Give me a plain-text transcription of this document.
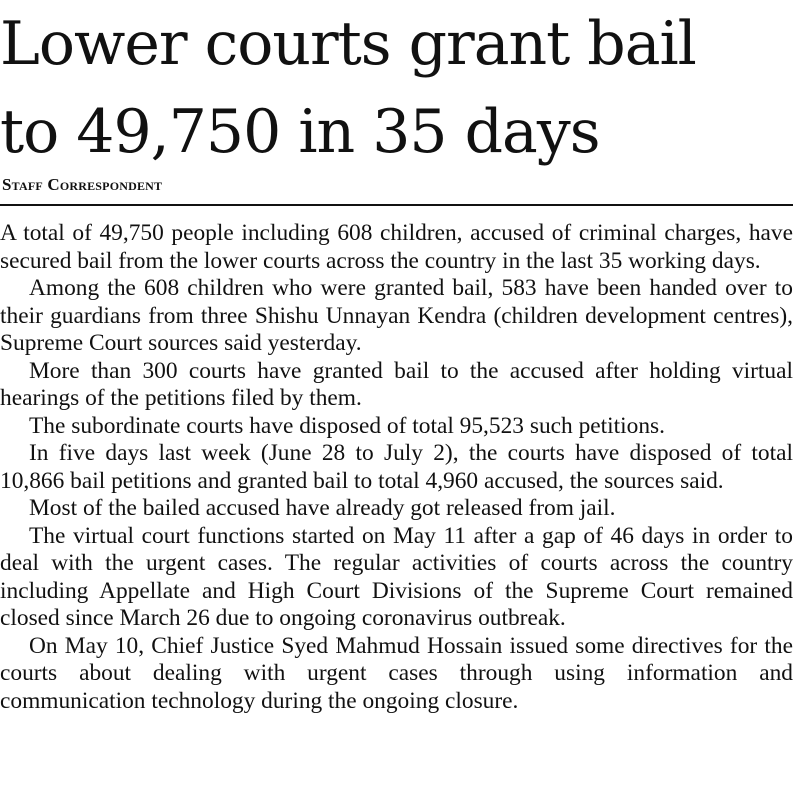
Lower courts grant bail
to 49,750 in 35 days
Staff Correspondent

A total of 49,750 people including 608 children, accused of criminal charges, have secured bail from the lower courts across the country in the last 35 working days.

Among the 608 children who were granted bail, 583 have been handed over to their guardians from three Shishu Unnayan Kendra (children development centres), Supreme Court sources said yesterday.

More than 300 courts have granted bail to the accused after holding virtual hearings of the petitions filed by them.

The subordinate courts have disposed of total 95,523 such petitions.

In five days last week (June 28 to July 2), the courts have disposed of total 10,866 bail petitions and granted bail to total 4,960 accused, the sources said.

Most of the bailed accused have already got released from jail.

The virtual court functions started on May 11 after a gap of 46 days in order to deal with the urgent cases. The regular activities of courts across the country including Appellate and High Court Divisions of the Supreme Court remained closed since March 26 due to ongoing coronavirus outbreak.

On May 10, Chief Justice Syed Mahmud Hossain issued some directives for the courts about dealing with urgent cases through using information and communication technology during the ongoing closure.
